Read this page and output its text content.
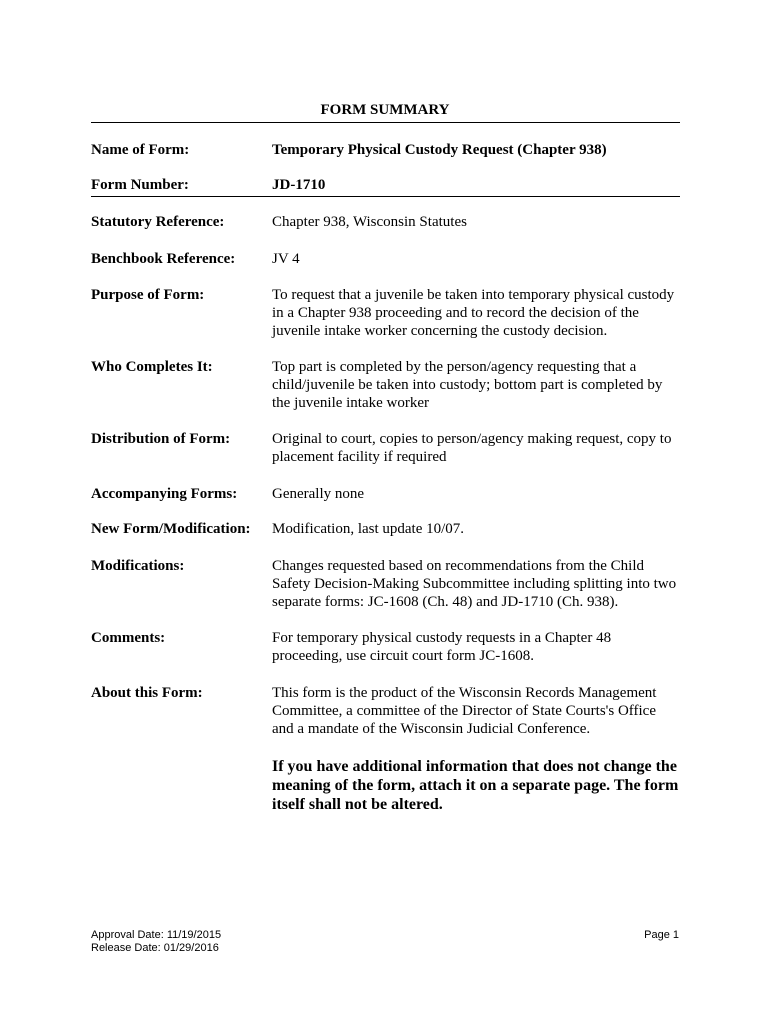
FORM SUMMARY
Name of Form:	Temporary Physical Custody Request (Chapter 938)
Form Number:	JD-1710
Statutory Reference:	Chapter 938, Wisconsin Statutes
Benchbook Reference:	JV 4
Purpose of Form:	To request that a juvenile be taken into temporary physical custody in a Chapter 938 proceeding and to record the decision of the juvenile intake worker concerning the custody decision.
Who Completes It:	Top part is completed by the person/agency requesting that a child/juvenile be taken into custody; bottom part is completed by the juvenile intake worker
Distribution of Form:	Original to court, copies to person/agency making request, copy to placement facility if required
Accompanying Forms:	Generally none
New Form/Modification:	Modification, last update 10/07.
Modifications:	Changes requested based on recommendations from the Child Safety Decision-Making Subcommittee including splitting into two separate forms: JC-1608 (Ch. 48) and JD-1710 (Ch. 938).
Comments:	For temporary physical custody requests in a Chapter 48 proceeding, use circuit court form JC-1608.
About this Form:	This form is the product of the Wisconsin Records Management Committee, a committee of the Director of State Courts's Office and a mandate of the Wisconsin Judicial Conference.
If you have additional information that does not change the meaning of the form, attach it on a separate page. The form itself shall not be altered.
Approval Date: 11/19/2015
Release Date: 01/29/2016
Page 1
